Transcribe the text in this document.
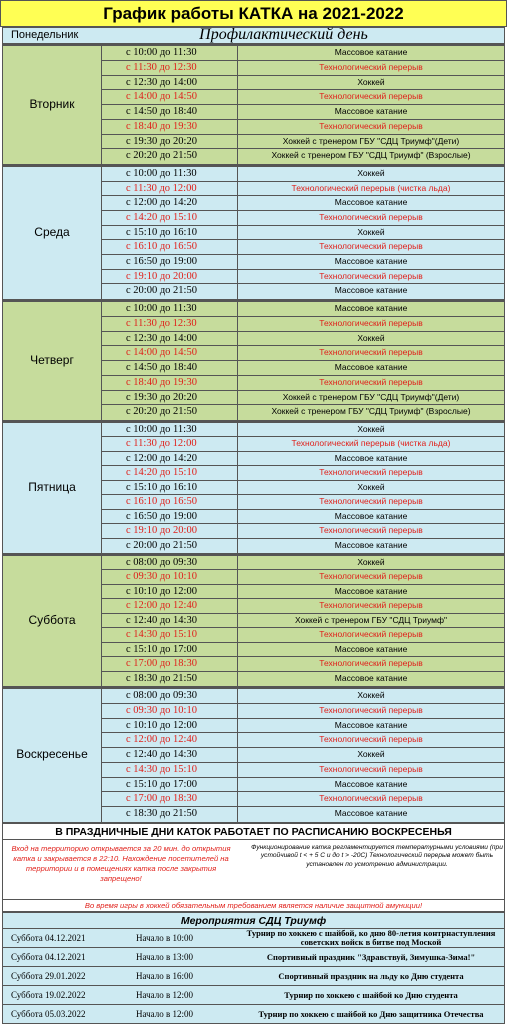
График работы КАТКА на 2021-2022
Понедельник	Профилактический день
Вторник
с 10:00 до 11:30	Массовое катание
с 11:30 до 12:30	Технологический перерыв
с 12:30 до 14:00	Хоккей
с 14:00 до 14:50	Технологический перерыв
с 14:50 до 18:40	Массовое катание
с 18:40 до 19:30	Технологический перерыв
с 19:30 до 20:20	Хоккей с тренером ГБУ "СДЦ Триумф"(Дети)
с 20:20 до 21:50	Хоккей с тренером ГБУ "СДЦ Триумф" (Взрослые)
Среда
с 10:00 до 11:30	Хоккей
с 11:30 до 12:00	Технологический перерыв (чистка льда)
с 12:00 до 14:20	Массовое катание
с 14:20 до 15:10	Технологический перерыв
с 15:10 до 16:10	Хоккей
с 16:10 до 16:50	Технологический перерыв
с 16:50 до 19:00	Массовое катание
с 19:10 до 20:00	Технологический перерыв
с 20:00 до 21:50	Массовое катание
Четверг
с 10:00 до 11:30	Массовое катание
с 11:30 до 12:30	Технологический перерыв
с 12:30 до 14:00	Хоккей
с 14:00 до 14:50	Технологический перерыв
с 14:50 до 18:40	Массовое катание
с 18:40 до 19:30	Технологический перерыв
с 19:30 до 20:20	Хоккей с тренером ГБУ "СДЦ Триумф"(Дети)
с 20:20 до 21:50	Хоккей с тренером ГБУ "СДЦ Триумф" (Взрослые)
Пятница
с 10:00 до 11:30	Хоккей
с 11:30 до 12:00	Технологический перерыв (чистка льда)
с 12:00 до 14:20	Массовое катание
с 14:20 до 15:10	Технологический перерыв
с 15:10 до 16:10	Хоккей
с 16:10 до 16:50	Технологический перерыв
с 16:50 до 19:00	Массовое катание
с 19:10 до 20:00	Технологический перерыв
с 20:00 до 21:50	Массовое катание
Суббота
с 08:00 до 09:30	Хоккей
с 09:30 до 10:10	Технологический перерыв
с 10:10 до 12:00	Массовое катание
с 12:00 до 12:40	Технологический перерыв
с 12:40 до 14:30	Хоккей с тренером ГБУ "СДЦ Триумф"
с 14:30 до 15:10	Технологический перерыв
с 15:10 до 17:00	Массовое катание
с 17:00 до 18:30	Технологический перерыв
с 18:30 до 21:50	Массовое катание
Воскресенье
с 08:00 до 09:30	Хоккей
с 09:30 до 10:10	Технологический перерыв
с 10:10 до 12:00	Массовое катание
с 12:00 до 12:40	Технологический перерыв
с 12:40 до 14:30	Хоккей
с 14:30 до 15:10	Технологический перерыв
с 15:10 до 17:00	Массовое катание
с 17:00 до 18:30	Технологический перерыв
с 18:30 до 21:50	Массовое катание
В ПРАЗДНИЧНЫЕ ДНИ КАТОК РАБОТАЕТ ПО РАСПИСАНИЮ ВОСКРЕСЕНЬЯ
Вход на территорию открывается за 20 мин. до открытия катка и закрывается в 22:10. Нахождение посетителей на территории и в помещениях катка после закрытия запрещено!
Функционирование катка регламентируется температурными условиями (при устойчивой t < + 5 C и до t > -20C) Технологический перерыв может быть установлен по усмотрению администрации.
Во время игры в хоккей обязательным требованием является наличие защитной амуниции!
Мероприятия СДЦ Триумф
Суббота 04.12.2021	Начало в 10:00	Турнир по хоккею с шайбой, ко дню 80-летия контрнаступления советских войск в битве под Моской
Суббота 04.12.2021	Начало в 13:00	Спортивный праздник "Здравствуй, Зимушка-Зима!"
Суббота 29.01.2022	Начало в 16:00	Спортивный праздник на льду ко Дню студента
Суббота 19.02.2022	Начало в 12:00	Турнир по хоккею с шайбой ко Дню студента
Суббота 05.03.2022	Начало в 12:00	Турнир по хоккею с шайбой ко Дню защитника Отечества
